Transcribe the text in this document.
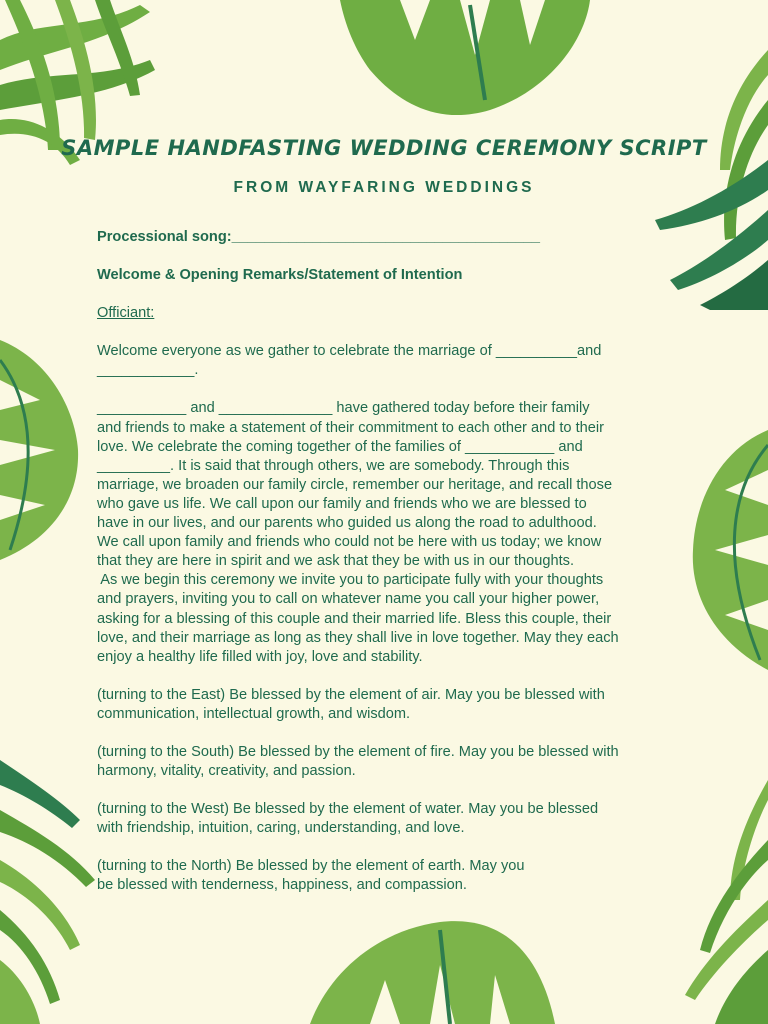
SAMPLE HANDFASTING WEDDING CEREMONY SCRIPT
FROM WAYFARING WEDDINGS

Processional song:______________________________________

Welcome & Opening Remarks/Statement of Intention

Officiant:

Welcome everyone as we gather to celebrate the marriage of __________and

____________.

___________ and ______________ have gathered today before their family

and friends to make a statement of their commitment to each other and to their

love. We celebrate the coming together of the families of ___________ and

_________. It is said that through others, we are somebody. Through this

marriage, we broaden our family circle, remember our heritage, and recall those

who gave us life. We call upon our family and friends who we are blessed to

have in our lives, and our parents who guided us along the road to adulthood.

We call upon family and friends who could not be here with us today; we know

that they are here in spirit and we ask that they be with us in our thoughts.

As we begin this ceremony we invite you to participate fully with your thoughts

and prayers, inviting you to call on whatever name you call your higher power,

asking for a blessing of this couple and their married life. Bless this couple, their

love, and their marriage as long as they shall live in love together. May they each

enjoy a healthy life filled with joy, love and stability.

(turning to the East) Be blessed by the element of air. May you be blessed with

communication, intellectual growth, and wisdom.

(turning to the South) Be blessed by the element of fire. May you be blessed with

harmony, vitality, creativity, and passion.

(turning to the West) Be blessed by the element of water. May you be blessed

with friendship, intuition, caring, understanding, and love.

(turning to the North) Be blessed by the element of earth. May you

be blessed with tenderness, happiness, and compassion.
